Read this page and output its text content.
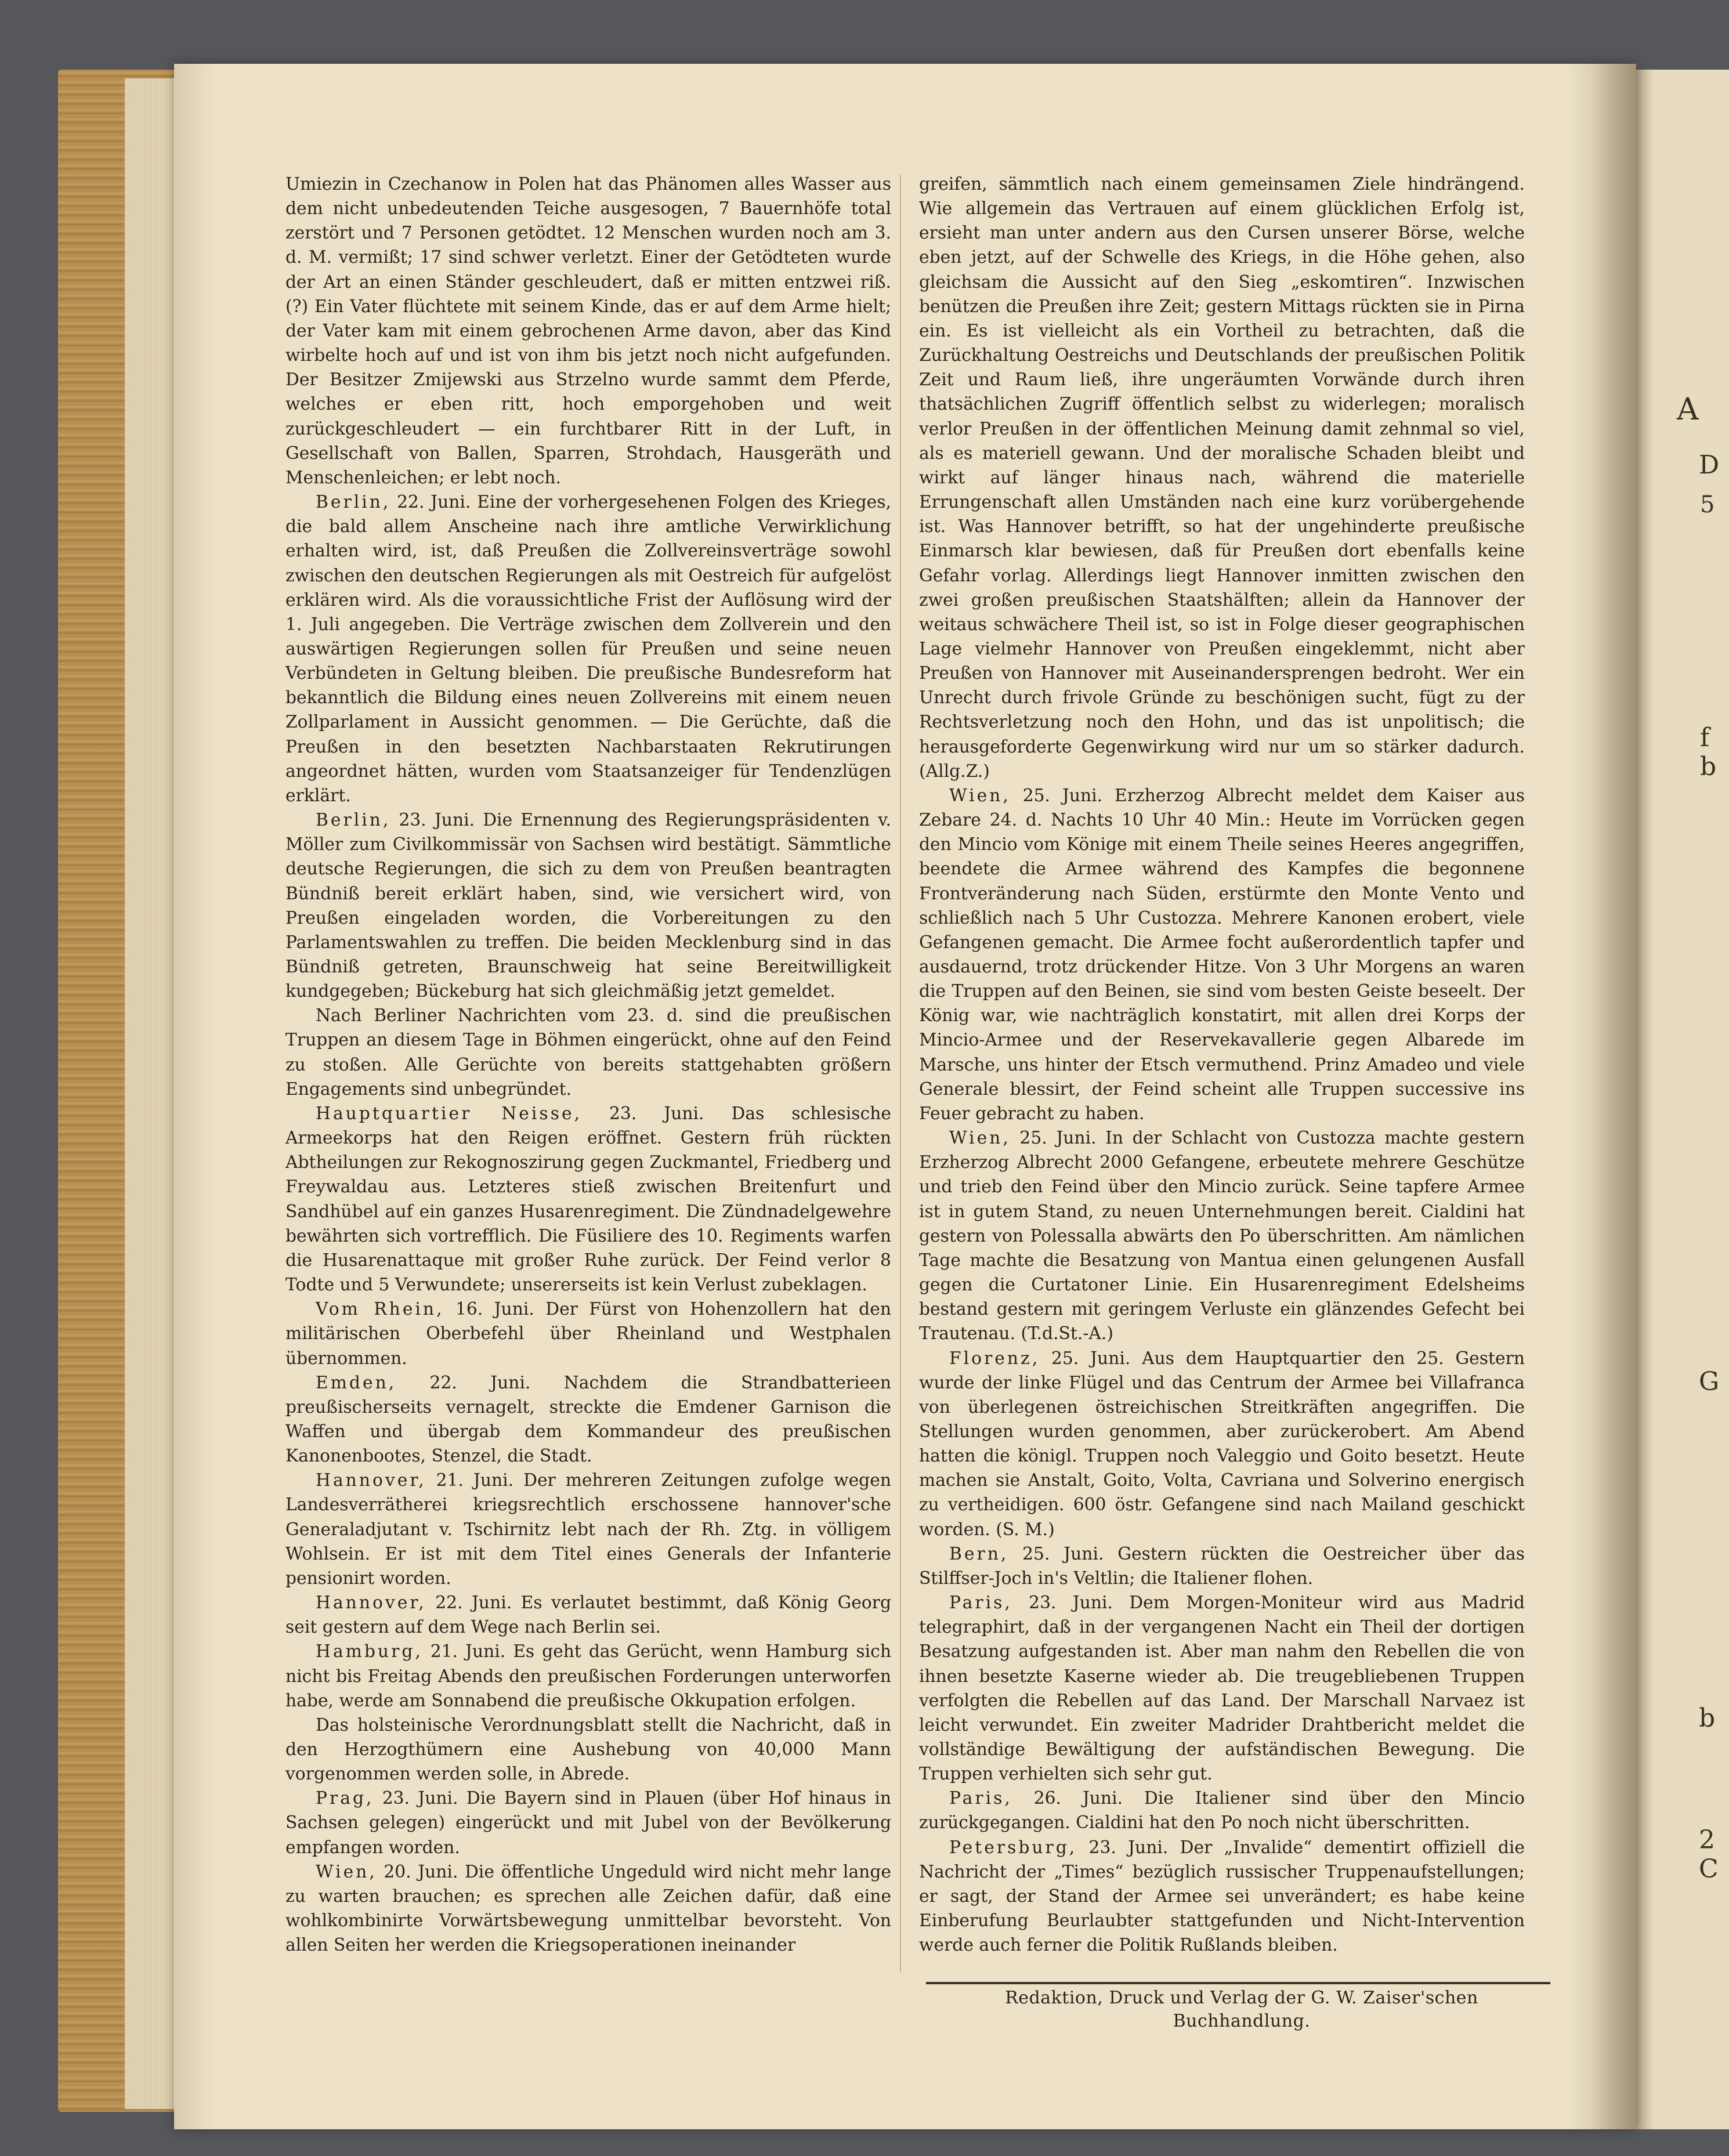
A
D
5
f
b
G
b
2
C

Umiezin in Czechanow in Polen hat das Phänomen alles Wasser aus dem nicht unbedeutenden Teiche ausgesogen, 7 Bauernhöfe total zerstört und 7 Personen getödtet. 12 Menschen wurden noch am 3. d. M. vermißt; 17 sind schwer verletzt. Einer der Getödteten wurde der Art an einen Ständer geschleudert, daß er mitten entzwei riß. (?) Ein Vater flüchtete mit seinem Kinde, das er auf dem Arme hielt; der Vater kam mit einem gebrochenen Arme davon, aber das Kind wirbelte hoch auf und ist von ihm bis jetzt noch nicht aufgefunden. Der Besitzer Zmijewski aus Strzelno wurde sammt dem Pferde, welches er eben ritt, hoch emporgehoben und weit zurückgeschleudert — ein furchtbarer Ritt in der Luft, in Gesellschaft von Ballen, Sparren, Strohdach, Hausgeräth und Menschenleichen; er lebt noch.

Berlin, 22. Juni. Eine der vorhergesehenen Folgen des Krieges, die bald allem Anscheine nach ihre amtliche Verwirklichung erhalten wird, ist, daß Preußen die Zollvereinsverträge sowohl zwischen den deutschen Regierungen als mit Oestreich für aufgelöst erklären wird. Als die voraussichtliche Frist der Auflösung wird der 1. Juli angegeben. Die Verträge zwischen dem Zollverein und den auswärtigen Regierungen sollen für Preußen und seine neuen Verbündeten in Geltung bleiben. Die preußische Bundesreform hat bekanntlich die Bildung eines neuen Zollvereins mit einem neuen Zollparlament in Aussicht genommen. — Die Gerüchte, daß die Preußen in den besetzten Nachbarstaaten Rekrutirungen angeordnet hätten, wurden vom Staatsanzeiger für Tendenzlügen erklärt.

Berlin, 23. Juni. Die Ernennung des Regierungspräsidenten v. Möller zum Civilkommissär von Sachsen wird bestätigt. Sämmtliche deutsche Regierungen, die sich zu dem von Preußen beantragten Bündniß bereit erklärt haben, sind, wie versichert wird, von Preußen eingeladen worden, die Vorbereitungen zu den Parlamentswahlen zu treffen. Die beiden Mecklenburg sind in das Bündniß getreten, Braunschweig hat seine Bereitwilligkeit kundgegeben; Bückeburg hat sich gleichmäßig jetzt gemeldet.

Nach Berliner Nachrichten vom 23. d. sind die preußischen Truppen an diesem Tage in Böhmen eingerückt, ohne auf den Feind zu stoßen. Alle Gerüchte von bereits stattgehabten größern Engagements sind unbegründet.

Hauptquartier Neisse, 23. Juni. Das schlesische Armeekorps hat den Reigen eröffnet. Gestern früh rückten Abtheilungen zur Rekognoszirung gegen Zuckmantel, Friedberg und Freywaldau aus. Letzteres stieß zwischen Breitenfurt und Sandhübel auf ein ganzes Husarenregiment. Die Zündnadelgewehre bewährten sich vortrefflich. Die Füsiliere des 10. Regiments warfen die Husarenattaque mit großer Ruhe zurück. Der Feind verlor 8 Todte und 5 Verwundete; unsererseits ist kein Verlust zubeklagen.

Vom Rhein, 16. Juni. Der Fürst von Hohenzollern hat den militärischen Oberbefehl über Rheinland und Westphalen übernommen.

Emden, 22. Juni. Nachdem die Strandbatterieen preußischerseits vernagelt, streckte die Emdener Garnison die Waffen und übergab dem Kommandeur des preußischen Kanonenbootes, Stenzel, die Stadt.

Hannover, 21. Juni. Der mehreren Zeitungen zufolge wegen Landesverrätherei kriegsrechtlich erschossene hannover'sche Generaladjutant v. Tschirnitz lebt nach der Rh. Ztg. in völligem Wohlsein. Er ist mit dem Titel eines Generals der Infanterie pensionirt worden.

Hannover, 22. Juni. Es verlautet bestimmt, daß König Georg seit gestern auf dem Wege nach Berlin sei.

Hamburg, 21. Juni. Es geht das Gerücht, wenn Hamburg sich nicht bis Freitag Abends den preußischen Forderungen unterworfen habe, werde am Sonnabend die preußische Okkupation erfolgen.

Das holsteinische Verordnungsblatt stellt die Nachricht, daß in den Herzogthümern eine Aushebung von 40,000 Mann vorgenommen werden solle, in Abrede.

Prag, 23. Juni. Die Bayern sind in Plauen (über Hof hinaus in Sachsen gelegen) eingerückt und mit Jubel von der Bevölkerung empfangen worden.

Wien, 20. Juni. Die öffentliche Ungeduld wird nicht mehr lange zu warten brauchen; es sprechen alle Zeichen dafür, daß eine wohlkombinirte Vorwärtsbewegung unmittelbar bevorsteht. Von allen Seiten her werden die Kriegsoperationen ineinander

greifen, sämmtlich nach einem gemeinsamen Ziele hindrängend. Wie allgemein das Vertrauen auf einem glücklichen Erfolg ist, ersieht man unter andern aus den Cursen unserer Börse, welche eben jetzt, auf der Schwelle des Kriegs, in die Höhe gehen, also gleichsam die Aussicht auf den Sieg „eskomtiren“. Inzwischen benützen die Preußen ihre Zeit; gestern Mittags rückten sie in Pirna ein. Es ist vielleicht als ein Vortheil zu betrachten, daß die Zurückhaltung Oestreichs und Deutschlands der preußischen Politik Zeit und Raum ließ, ihre ungeräumten Vorwände durch ihren thatsächlichen Zugriff öffentlich selbst zu widerlegen; moralisch verlor Preußen in der öffentlichen Meinung damit zehnmal so viel, als es materiell gewann. Und der moralische Schaden bleibt und wirkt auf länger hinaus nach, während die materielle Errungenschaft allen Umständen nach eine kurz vorübergehende ist. Was Hannover betrifft, so hat der ungehinderte preußische Einmarsch klar bewiesen, daß für Preußen dort ebenfalls keine Gefahr vorlag. Allerdings liegt Hannover inmitten zwischen den zwei großen preußischen Staatshälften; allein da Hannover der weitaus schwächere Theil ist, so ist in Folge dieser geographischen Lage vielmehr Hannover von Preußen eingeklemmt, nicht aber Preußen von Hannover mit Auseinandersprengen bedroht. Wer ein Unrecht durch frivole Gründe zu beschönigen sucht, fügt zu der Rechtsverletzung noch den Hohn, und das ist unpolitisch; die herausgeforderte Gegenwirkung wird nur um so stärker dadurch. (Allg.Z.)

Wien, 25. Juni. Erzherzog Albrecht meldet dem Kaiser aus Zebare 24. d. Nachts 10 Uhr 40 Min.: Heute im Vorrücken gegen den Mincio vom Könige mit einem Theile seines Heeres angegriffen, beendete die Armee während des Kampfes die begonnene Frontveränderung nach Süden, erstürmte den Monte Vento und schließlich nach 5 Uhr Custozza. Mehrere Kanonen erobert, viele Gefangenen gemacht. Die Armee focht außerordentlich tapfer und ausdauernd, trotz drückender Hitze. Von 3 Uhr Morgens an waren die Truppen auf den Beinen, sie sind vom besten Geiste beseelt. Der König war, wie nachträglich konstatirt, mit allen drei Korps der Mincio-Armee und der Reservekavallerie gegen Albarede im Marsche, uns hinter der Etsch vermuthend. Prinz Amadeo und viele Generale blessirt, der Feind scheint alle Truppen successive ins Feuer gebracht zu haben.

Wien, 25. Juni. In der Schlacht von Custozza machte gestern Erzherzog Albrecht 2000 Gefangene, erbeutete mehrere Geschütze und trieb den Feind über den Mincio zurück. Seine tapfere Armee ist in gutem Stand, zu neuen Unternehmungen bereit. Cialdini hat gestern von Polessalla abwärts den Po überschritten. Am nämlichen Tage machte die Besatzung von Mantua einen gelungenen Ausfall gegen die Curtatoner Linie. Ein Husarenregiment Edelsheims bestand gestern mit geringem Verluste ein glänzendes Gefecht bei Trautenau. (T.d.St.-A.)

Florenz, 25. Juni. Aus dem Hauptquartier den 25. Gestern wurde der linke Flügel und das Centrum der Armee bei Villafranca von überlegenen östreichischen Streitkräften angegriffen. Die Stellungen wurden genommen, aber zurückerobert. Am Abend hatten die königl. Truppen noch Valeggio und Goito besetzt. Heute machen sie Anstalt, Goito, Volta, Cavriana und Solverino energisch zu vertheidigen. 600 östr. Gefangene sind nach Mailand geschickt worden. (S. M.)

Bern, 25. Juni. Gestern rückten die Oestreicher über das Stilffser-Joch in's Veltlin; die Italiener flohen.

Paris, 23. Juni. Dem Morgen-Moniteur wird aus Madrid telegraphirt, daß in der vergangenen Nacht ein Theil der dortigen Besatzung aufgestanden ist. Aber man nahm den Rebellen die von ihnen besetzte Kaserne wieder ab. Die treugebliebenen Truppen verfolgten die Rebellen auf das Land. Der Marschall Narvaez ist leicht verwundet. Ein zweiter Madrider Drahtbericht meldet die vollständige Bewältigung der aufständischen Bewegung. Die Truppen verhielten sich sehr gut.

Paris, 26. Juni. Die Italiener sind über den Mincio zurückgegangen. Cialdini hat den Po noch nicht überschritten.

Petersburg, 23. Juni. Der „Invalide“ dementirt offiziell die Nachricht der „Times“ bezüglich russischer Truppenaufstellungen; er sagt, der Stand der Armee sei unverändert; es habe keine Einberufung Beurlaubter stattgefunden und Nicht-Intervention werde auch ferner die Politik Rußlands bleiben.

Redaktion, Druck und Verlag der G. W. Zaiser'schen Buchhandlung.
